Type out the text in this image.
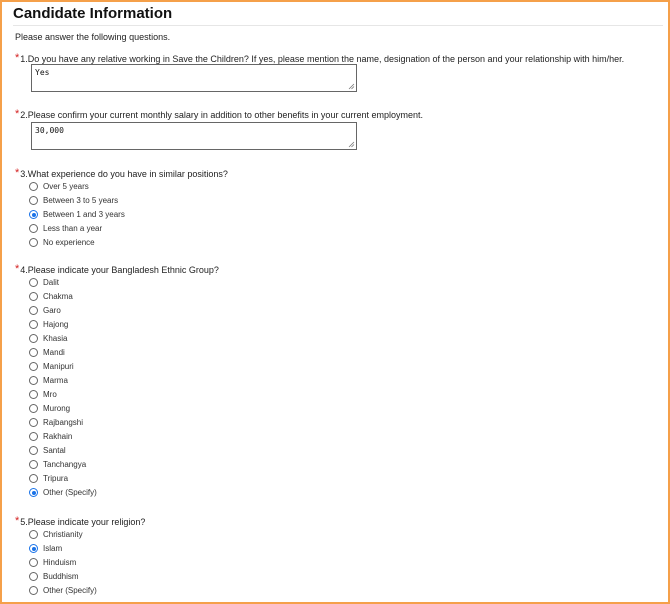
Candidate Information
Please answer the following questions.
*1.Do you have any relative working in Save the Children? If yes, please mention the name, designation of the person and your relationship with him/her.
Yes
*2.Please confirm your current monthly salary in addition to other benefits in your current employment.
30,000
*3.What experience do you have in similar positions?
Over 5 years
Between 3 to 5 years
Between 1 and 3 years
Less than a year
No experience
*4.Please indicate your Bangladesh Ethnic Group?
Dalit
Chakma
Garo
Hajong
Khasia
Mandi
Manipuri
Marma
Mro
Murong
Rajbangshi
Rakhain
Santal
Tanchangya
Tripura
Other (Specify)
*5.Please indicate your religion?
Christianity
Islam
Hinduism
Buddhism
Other (Specify)
